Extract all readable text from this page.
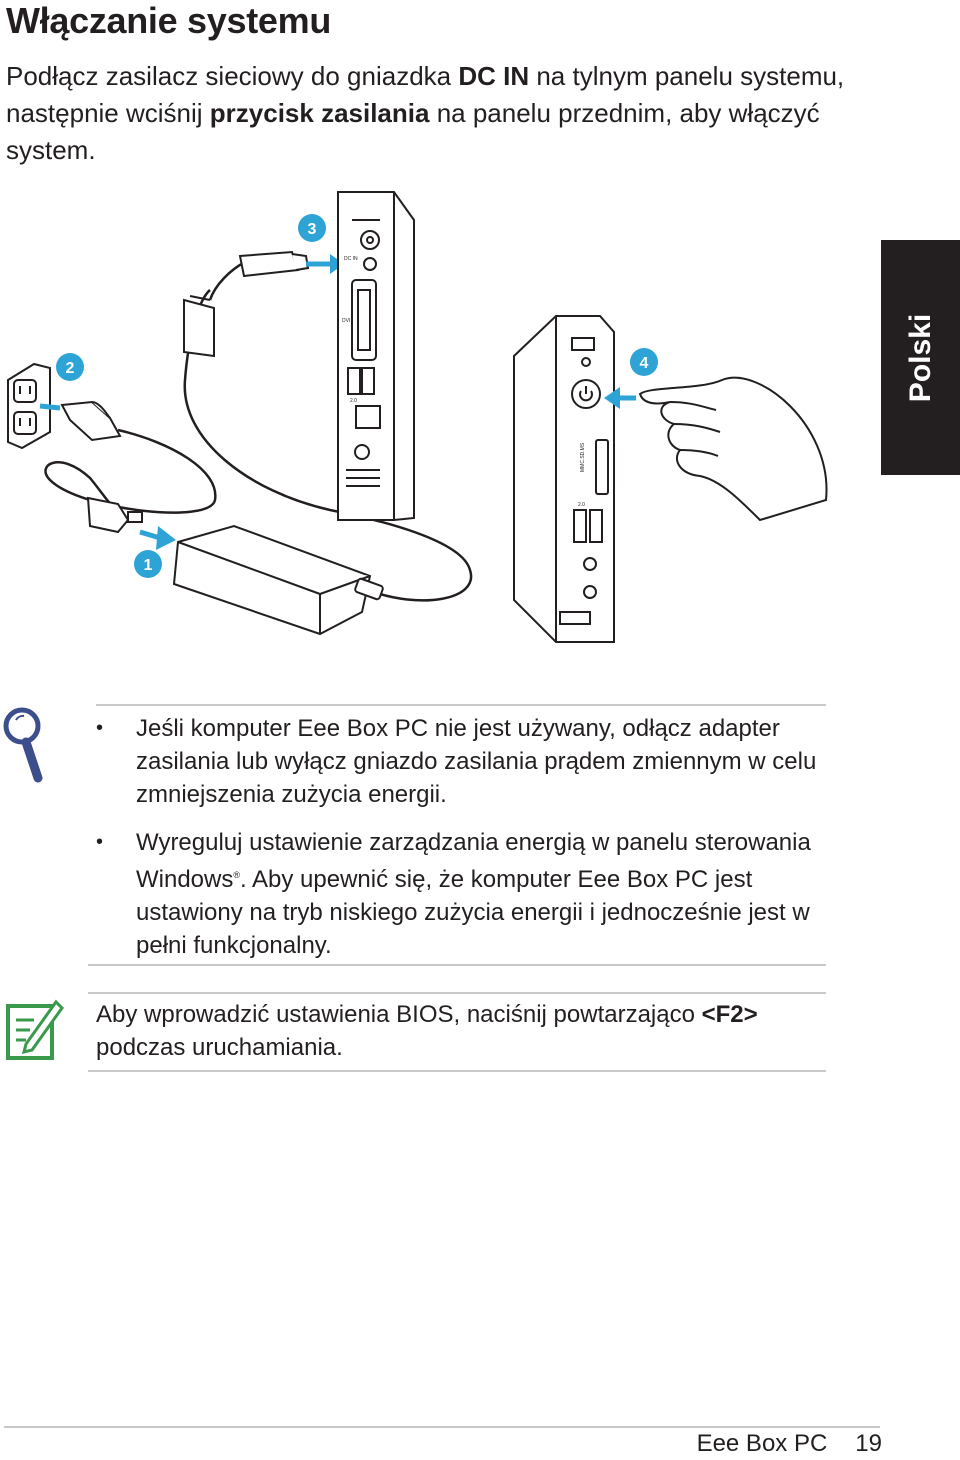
Włączanie systemu

Podłącz zasilacz sieciowy do gniazdka DC IN na tylnym panelu systemu, następnie wciśnij przycisk zasilania na panelu przednim, aby włączyć system.

Polski
DC IN
DVI
2.0
MMC.SD.MS
2.0
3
2	4
1

• Jeśli komputer Eee Box PC nie jest używany, odłącz adapter zasilania lub wyłącz gniazdo zasilania prądem zmiennym w celu zmniejszenia zużycia energii.

• Wyreguluj ustawienie zarządzania energią w panelu sterowania Windows®. Aby upewnić się, że komputer Eee Box PC jest ustawiony na tryb niskiego zużycia energii i jednocześnie jest w pełni funkcjonalny.

Aby wprowadzić ustawienia BIOS, naciśnij powtarzająco <F2> podczas uruchamiania.

Eee Box PC 19
